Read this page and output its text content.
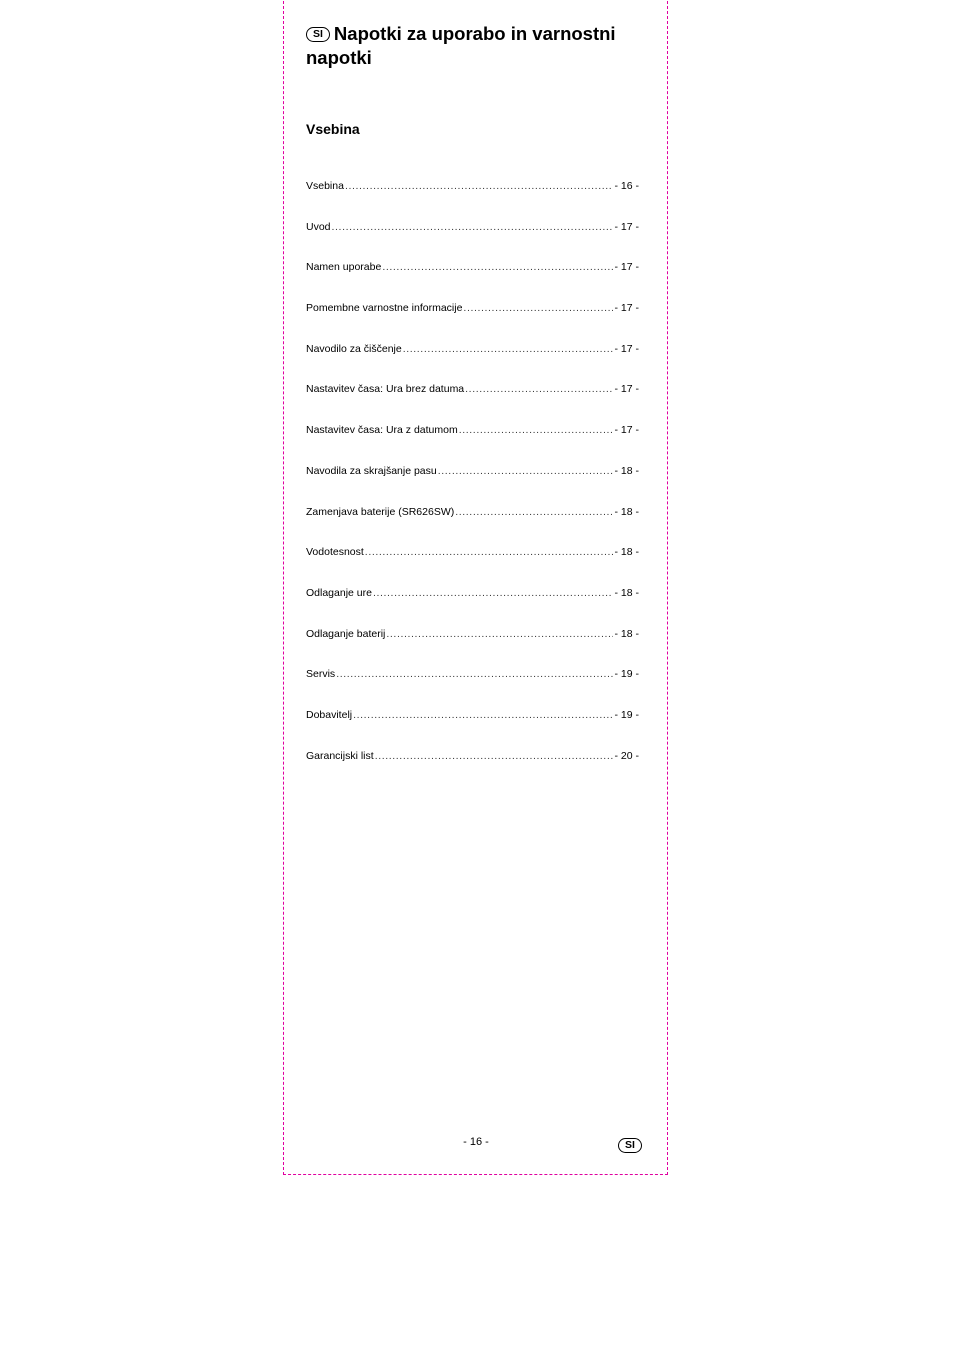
SI Napotki za uporabo in varnostni napotki
Vsebina
Vsebina .....	- 16 -
Uvod .....	- 17 -
Namen uporabe .....	- 17 -
Pomembne varnostne informacije .....	- 17 -
Navodilo za čiščenje .....	- 17 -
Nastavitev časa: Ura brez datuma .....	- 17 -
Nastavitev časa: Ura z datumom .....	- 17 -
Navodila za skrajšanje pasu .....	- 18 -
Zamenjava baterije (SR626SW) .....	- 18 -
Vodotesnost .....	- 18 -
Odlaganje ure .....	- 18 -
Odlaganje baterij .....	- 18 -
Servis .....	- 19 -
Dobavitelj .....	- 19 -
Garancijski list .....	- 20 -
- 16 -	SI
